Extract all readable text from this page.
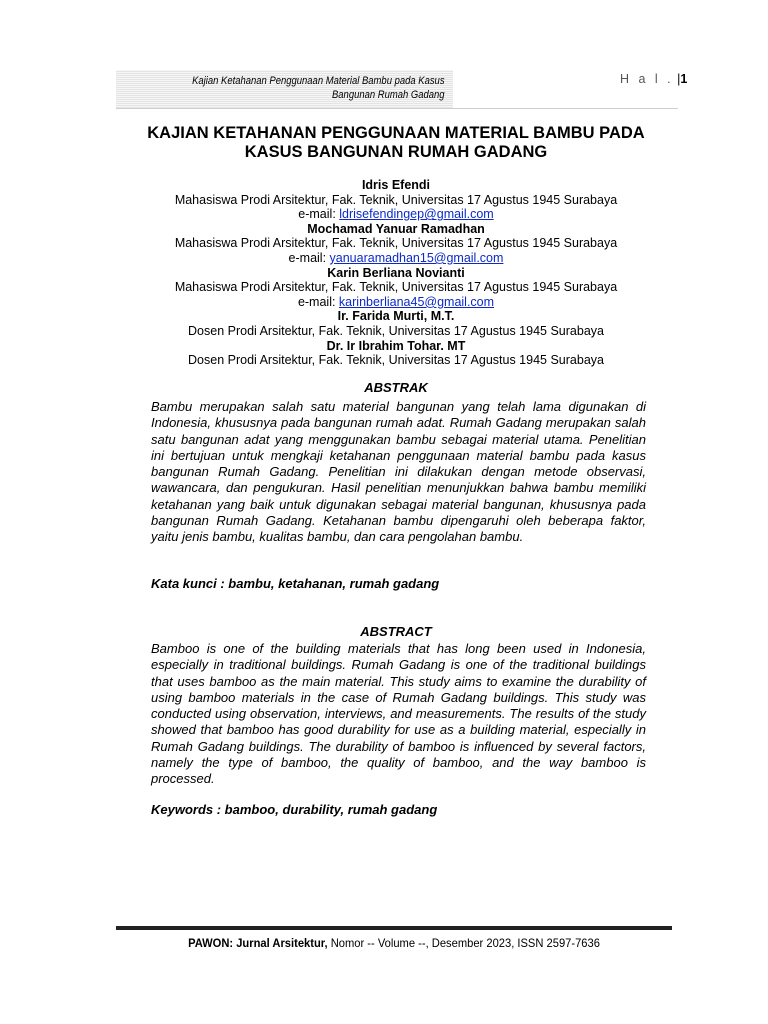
Kajian Ketahanan Penggunaan Material Bambu pada Kasus
Bangunan Rumah Gadang
H a l . |1
KAJIAN KETAHANAN PENGGUNAAN MATERIAL BAMBU PADA
KASUS BANGUNAN RUMAH GADANG
Idris Efendi
Mahasiswa Prodi Arsitektur, Fak. Teknik, Universitas 17 Agustus 1945 Surabaya
e-mail: ldrisefendingep@gmail.com
Mochamad Yanuar Ramadhan
Mahasiswa Prodi Arsitektur, Fak. Teknik, Universitas 17 Agustus 1945 Surabaya
e-mail: yanuaramadhan15@gmail.com
Karin Berliana Novianti
Mahasiswa Prodi Arsitektur, Fak. Teknik, Universitas 17 Agustus 1945 Surabaya
e-mail: karinberliana45@gmail.com
Ir. Farida Murti, M.T.
Dosen Prodi Arsitektur, Fak. Teknik, Universitas 17 Agustus 1945 Surabaya
Dr. Ir Ibrahim Tohar. MT
Dosen Prodi Arsitektur, Fak. Teknik, Universitas 17 Agustus 1945 Surabaya
ABSTRAK
Bambu merupakan salah satu material bangunan yang telah lama digunakan di Indonesia, khususnya pada bangunan rumah adat. Rumah Gadang merupakan salah satu bangunan adat yang menggunakan bambu sebagai material utama. Penelitian ini bertujuan untuk mengkaji ketahanan penggunaan material bambu pada kasus bangunan Rumah Gadang. Penelitian ini dilakukan dengan metode observasi, wawancara, dan pengukuran. Hasil penelitian menunjukkan bahwa bambu memiliki ketahanan yang baik untuk digunakan sebagai material bangunan, khususnya pada bangunan Rumah Gadang. Ketahanan bambu dipengaruhi oleh beberapa faktor, yaitu jenis bambu, kualitas bambu, dan cara pengolahan bambu.
Kata kunci : bambu, ketahanan, rumah gadang
ABSTRACT
Bamboo is one of the building materials that has long been used in Indonesia, especially in traditional buildings. Rumah Gadang is one of the traditional buildings that uses bamboo as the main material. This study aims to examine the durability of using bamboo materials in the case of Rumah Gadang buildings. This study was conducted using observation, interviews, and measurements. The results of the study showed that bamboo has good durability for use as a building material, especially in Rumah Gadang buildings. The durability of bamboo is influenced by several factors, namely the type of bamboo, the quality of bamboo, and the way bamboo is processed.
Keywords : bamboo, durability, rumah gadang
PAWON: Jurnal Arsitektur, Nomor -- Volume --, Desember 2023, ISSN 2597-7636
